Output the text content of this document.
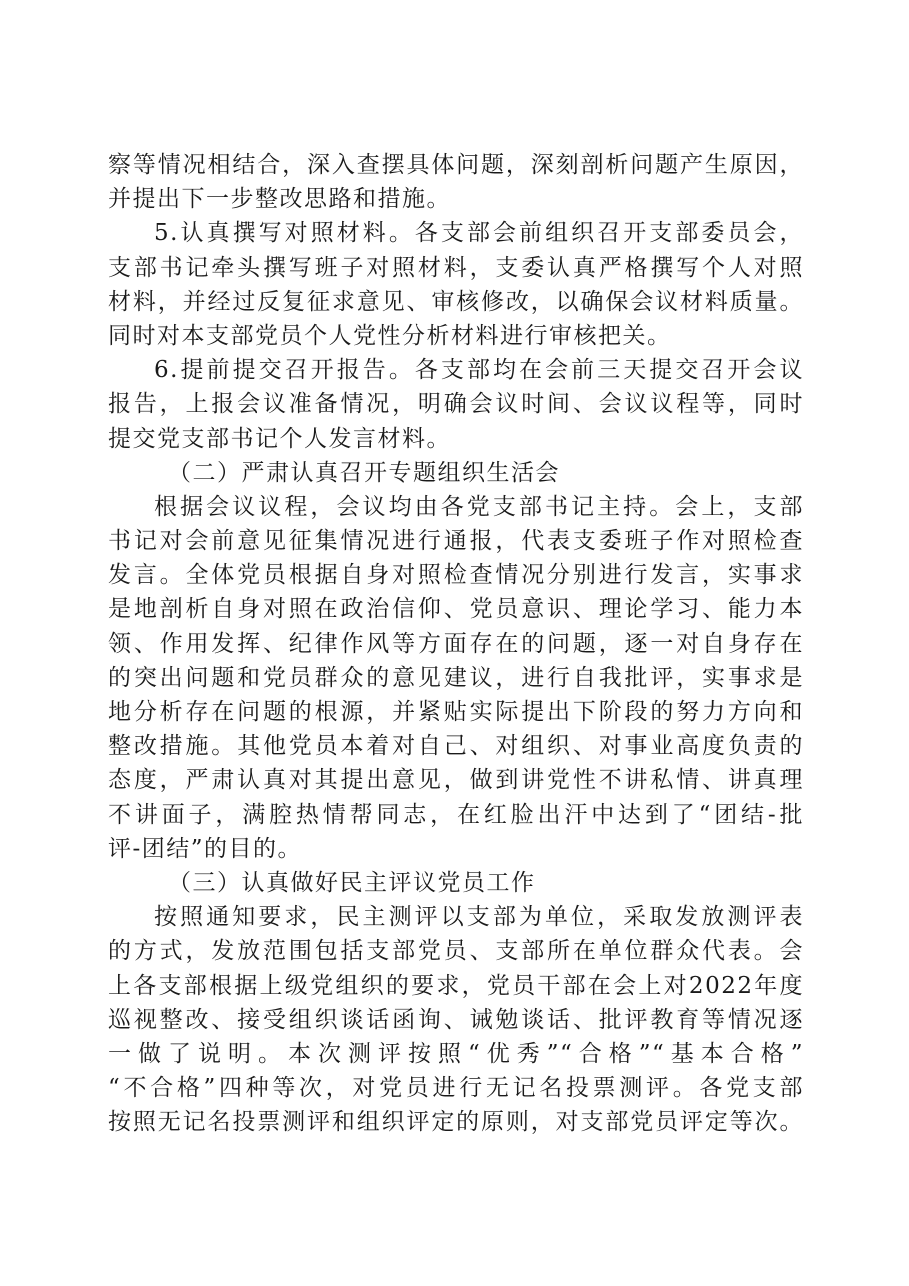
察等情况相结合，深入查摆具体问题，深刻剖析问题产生原因，
并提出下一步整改思路和措施。
5.认真撰写对照材料。各支部会前组织召开支部委员会，
支部书记牵头撰写班子对照材料，支委认真严格撰写个人对照
材料，并经过反复征求意见、审核修改，以确保会议材料质量。
同时对本支部党员个人党性分析材料进行审核把关。
6.提前提交召开报告。各支部均在会前三天提交召开会议
报告，上报会议准备情况，明确会议时间、会议议程等，同时
提交党支部书记个人发言材料。
（二）严肃认真召开专题组织生活会
根据会议议程，会议均由各党支部书记主持。会上，支部
书记对会前意见征集情况进行通报，代表支委班子作对照检查
发言。全体党员根据自身对照检查情况分别进行发言，实事求
是地剖析自身对照在政治信仰、党员意识、理论学习、能力本
领、作用发挥、纪律作风等方面存在的问题，逐一对自身存在
的突出问题和党员群众的意见建议，进行自我批评，实事求是
地分析存在问题的根源，并紧贴实际提出下阶段的努力方向和
整改措施。其他党员本着对自己、对组织、对事业高度负责的
态度，严肃认真对其提出意见，做到讲党性不讲私情、讲真理
不讲面子，满腔热情帮同志，在红脸出汗中达到了“团结-批
评-团结”的目的。
（三）认真做好民主评议党员工作
按照通知要求，民主测评以支部为单位，采取发放测评表
的方式，发放范围包括支部党员、支部所在单位群众代表。会
上各支部根据上级党组织的要求，党员干部在会上对2022年度
巡视整改、接受组织谈话函询、诫勉谈话、批评教育等情况逐
一做了说明。本次测评按照“优秀”“合格”“基本合格”
“不合格”四种等次，对党员进行无记名投票测评。各党支部
按照无记名投票测评和组织评定的原则，对支部党员评定等次。
